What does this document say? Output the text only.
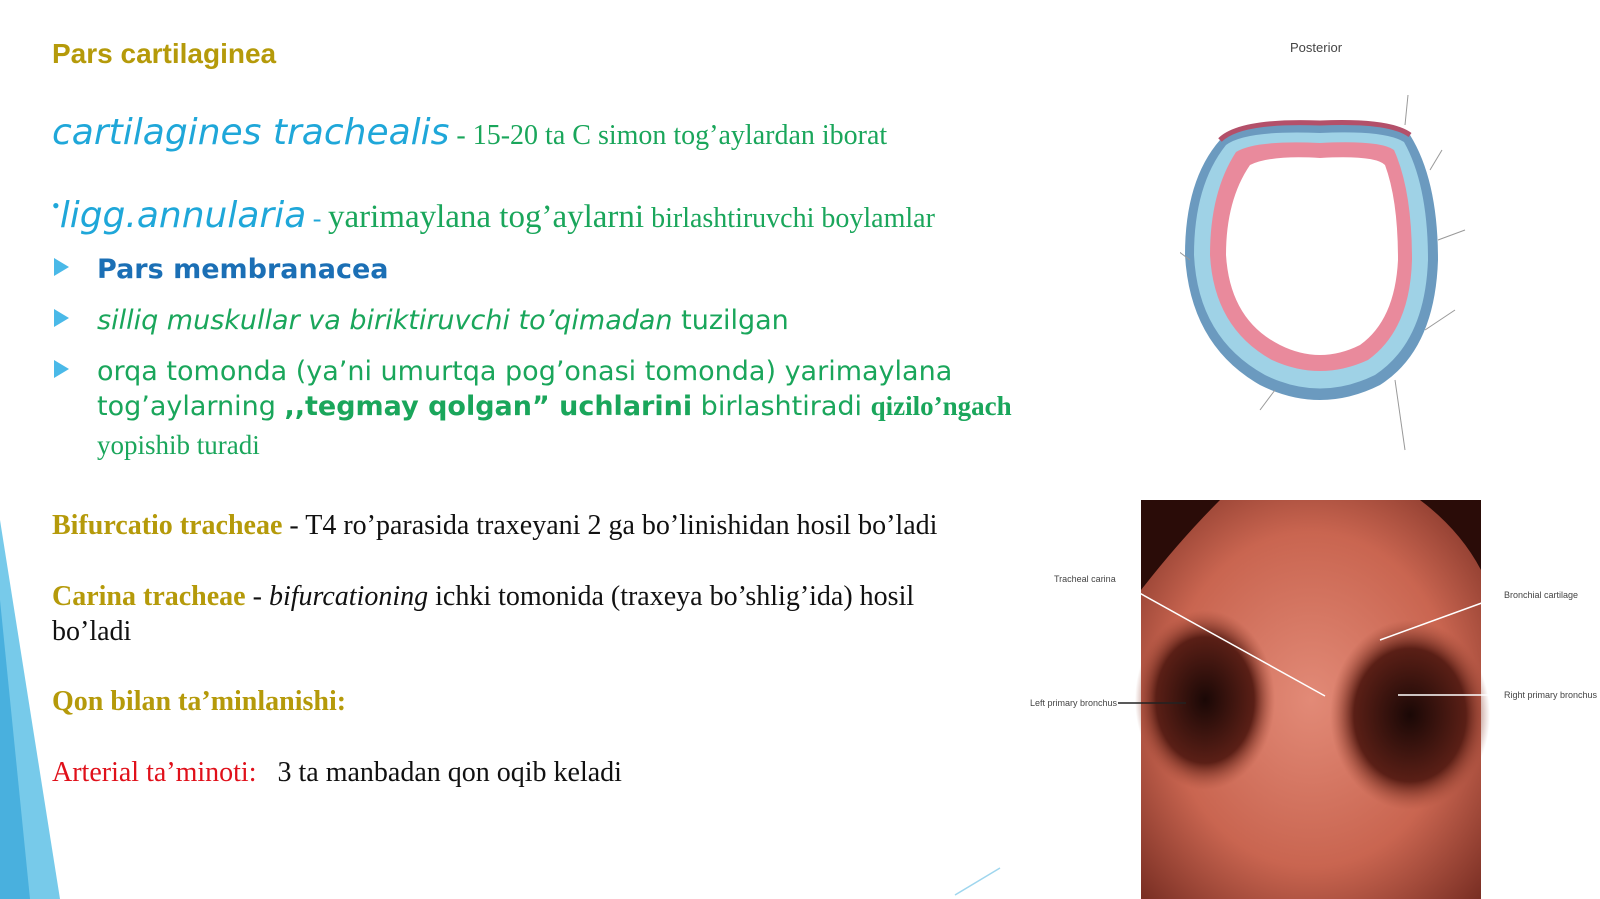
Pars cartilaginea
cartilagines trachealis - 15-20 ta C simon tog’aylardan iborat
•ligg.annularia - yarimaylana tog’aylarni birlashtiruvchi boylamlar
Pars membranacea
silliq muskullar va biriktiruvchi to’qimadan tuzilgan
orqa tomonda (ya’ni umurtqa pog’onasi tomonda) yarimaylana
tog’aylarning ,,tegmay qolgan” uchlarini birlashtiradi qizilo’ngach
yopishib turadi
Bifurcatio tracheae - T4 ro’parasida traxeyani 2 ga bo’linishidan hosil bo’ladi
Carina tracheae - bifurcationing ichki tomonida (traxeya bo’shlig’ida) hosil
bo’ladi
Qon bilan ta’minlanishi:
Arterial ta’minoti: 3 ta manbadan qon oqib keladi
Posterior
Tracheal carina
Bronchial cartilage
Left primary bronchus
Right primary bronchus
